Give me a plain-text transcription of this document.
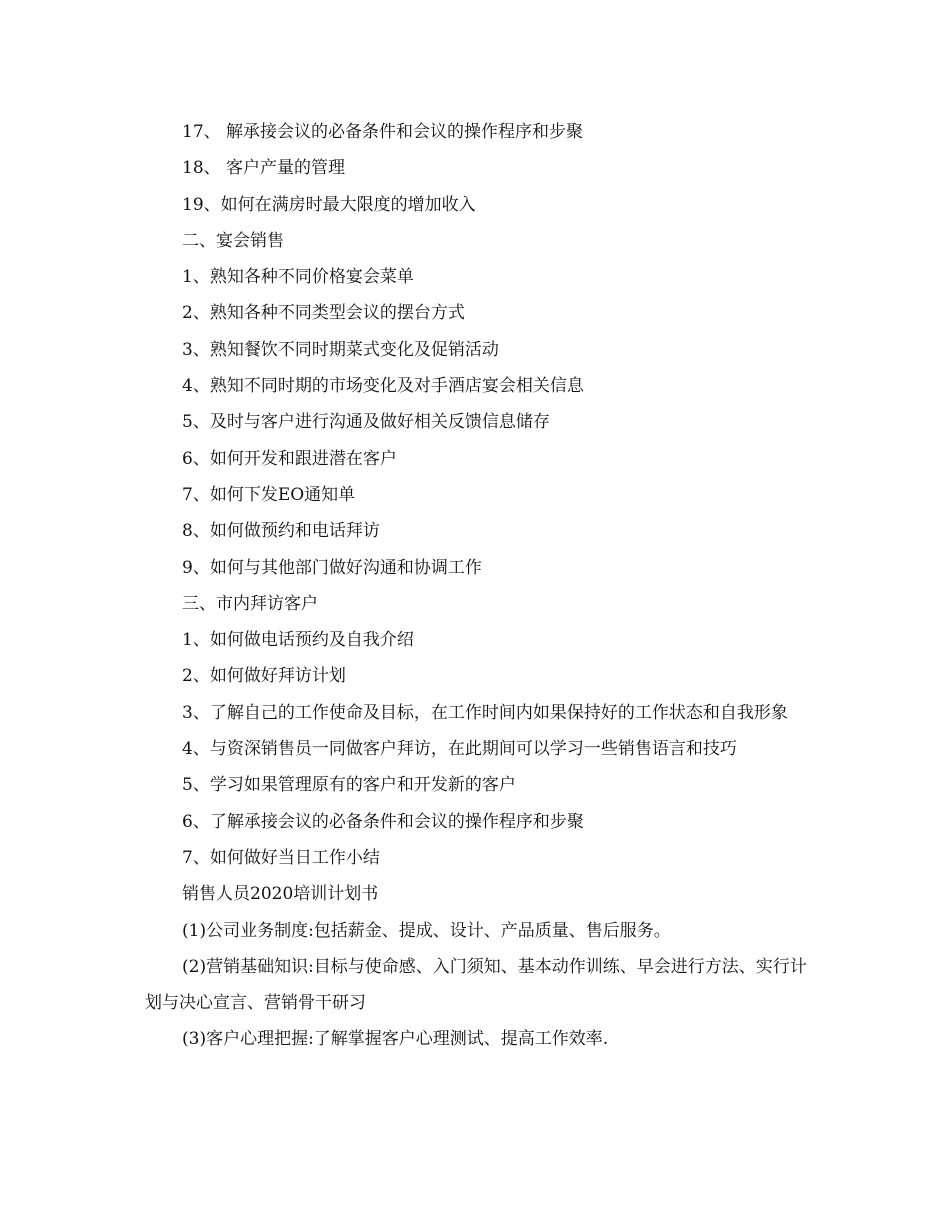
17、 解承接会议的必备条件和会议的操作程序和步聚

18、 客户产量的管理

19、如何在满房时最大限度的增加收入

二、宴会销售

1、熟知各种不同价格宴会菜单

2、熟知各种不同类型会议的摆台方式

3、熟知餐饮不同时期菜式变化及促销活动

4、熟知不同时期的市场变化及对手酒店宴会相关信息

5、及时与客户进行沟通及做好相关反馈信息储存

6、如何开发和跟进潜在客户

7、如何下发EO通知单

8、如何做预约和电话拜访

9、如何与其他部门做好沟通和协调工作

三、市内拜访客户

1、如何做电话预约及自我介绍

2、如何做好拜访计划

3、了解自己的工作使命及目标，在工作时间内如果保持好的工作状态和自我形象

4、与资深销售员一同做客户拜访，在此期间可以学习一些销售语言和技巧

5、学习如果管理原有的客户和开发新的客户

6、了解承接会议的必备条件和会议的操作程序和步聚

7、如何做好当日工作小结

销售人员2020培训计划书

(1)公司业务制度:包括薪金、提成、设计、产品质量、售后服务。

(2)营销基础知识:目标与使命感、入门须知、基本动作训练、早会进行方法、实行计划与决心宣言、营销骨干研习

(3)客户心理把握:了解掌握客户心理测试、提高工作效率.
